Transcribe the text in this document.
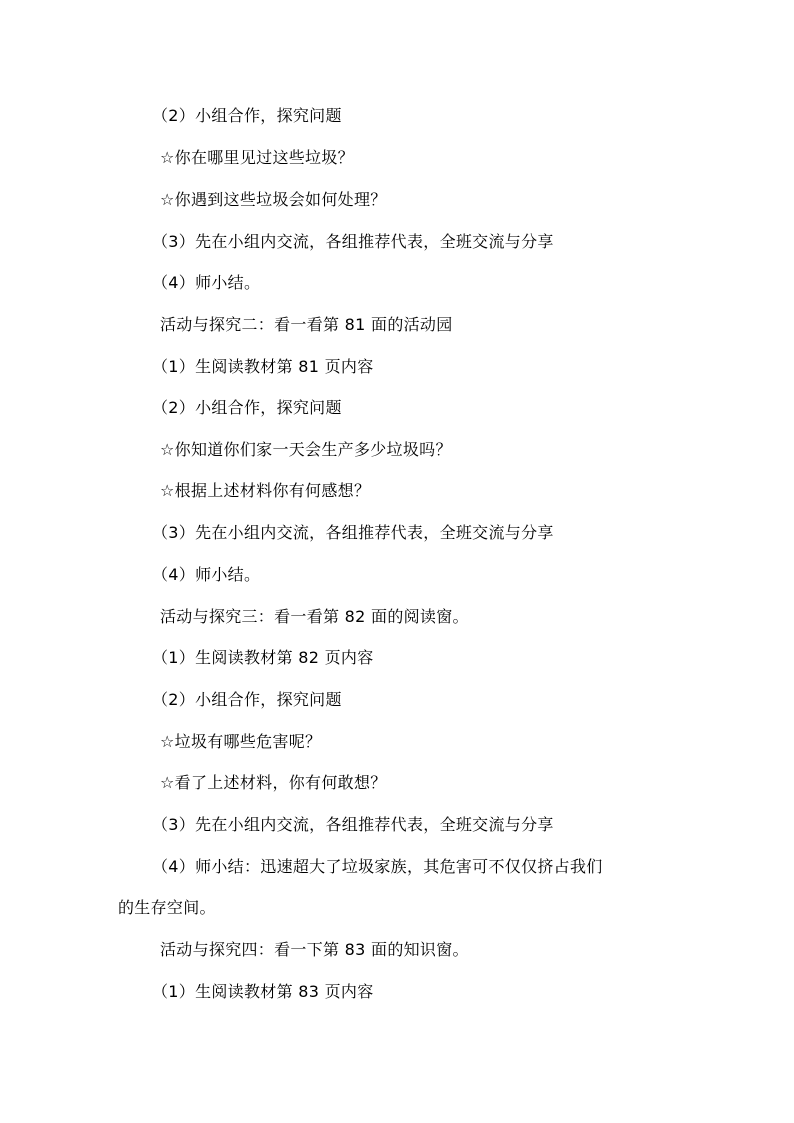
（2）小组合作，探究问题
☆你在哪里见过这些垃圾？
☆你遇到这些垃圾会如何处理？
（3）先在小组内交流，各组推荐代表，全班交流与分享
（4）师小结。
活动与探究二：看一看第 81 面的活动园
（1）生阅读教材第 81 页内容
（2）小组合作，探究问题
☆你知道你们家一天会生产多少垃圾吗？
☆根据上述材料你有何感想？
（3）先在小组内交流，各组推荐代表，全班交流与分享
（4）师小结。
活动与探究三：看一看第 82 面的阅读窗。
（1）生阅读教材第 82 页内容
（2）小组合作，探究问题
☆垃圾有哪些危害呢？
☆看了上述材料，你有何敢想？
（3）先在小组内交流，各组推荐代表，全班交流与分享
（4）师小结：迅速超大了垃圾家族，其危害可不仅仅挤占我们
的生存空间。
活动与探究四：看一下第 83 面的知识窗。
（1）生阅读教材第 83 页内容
